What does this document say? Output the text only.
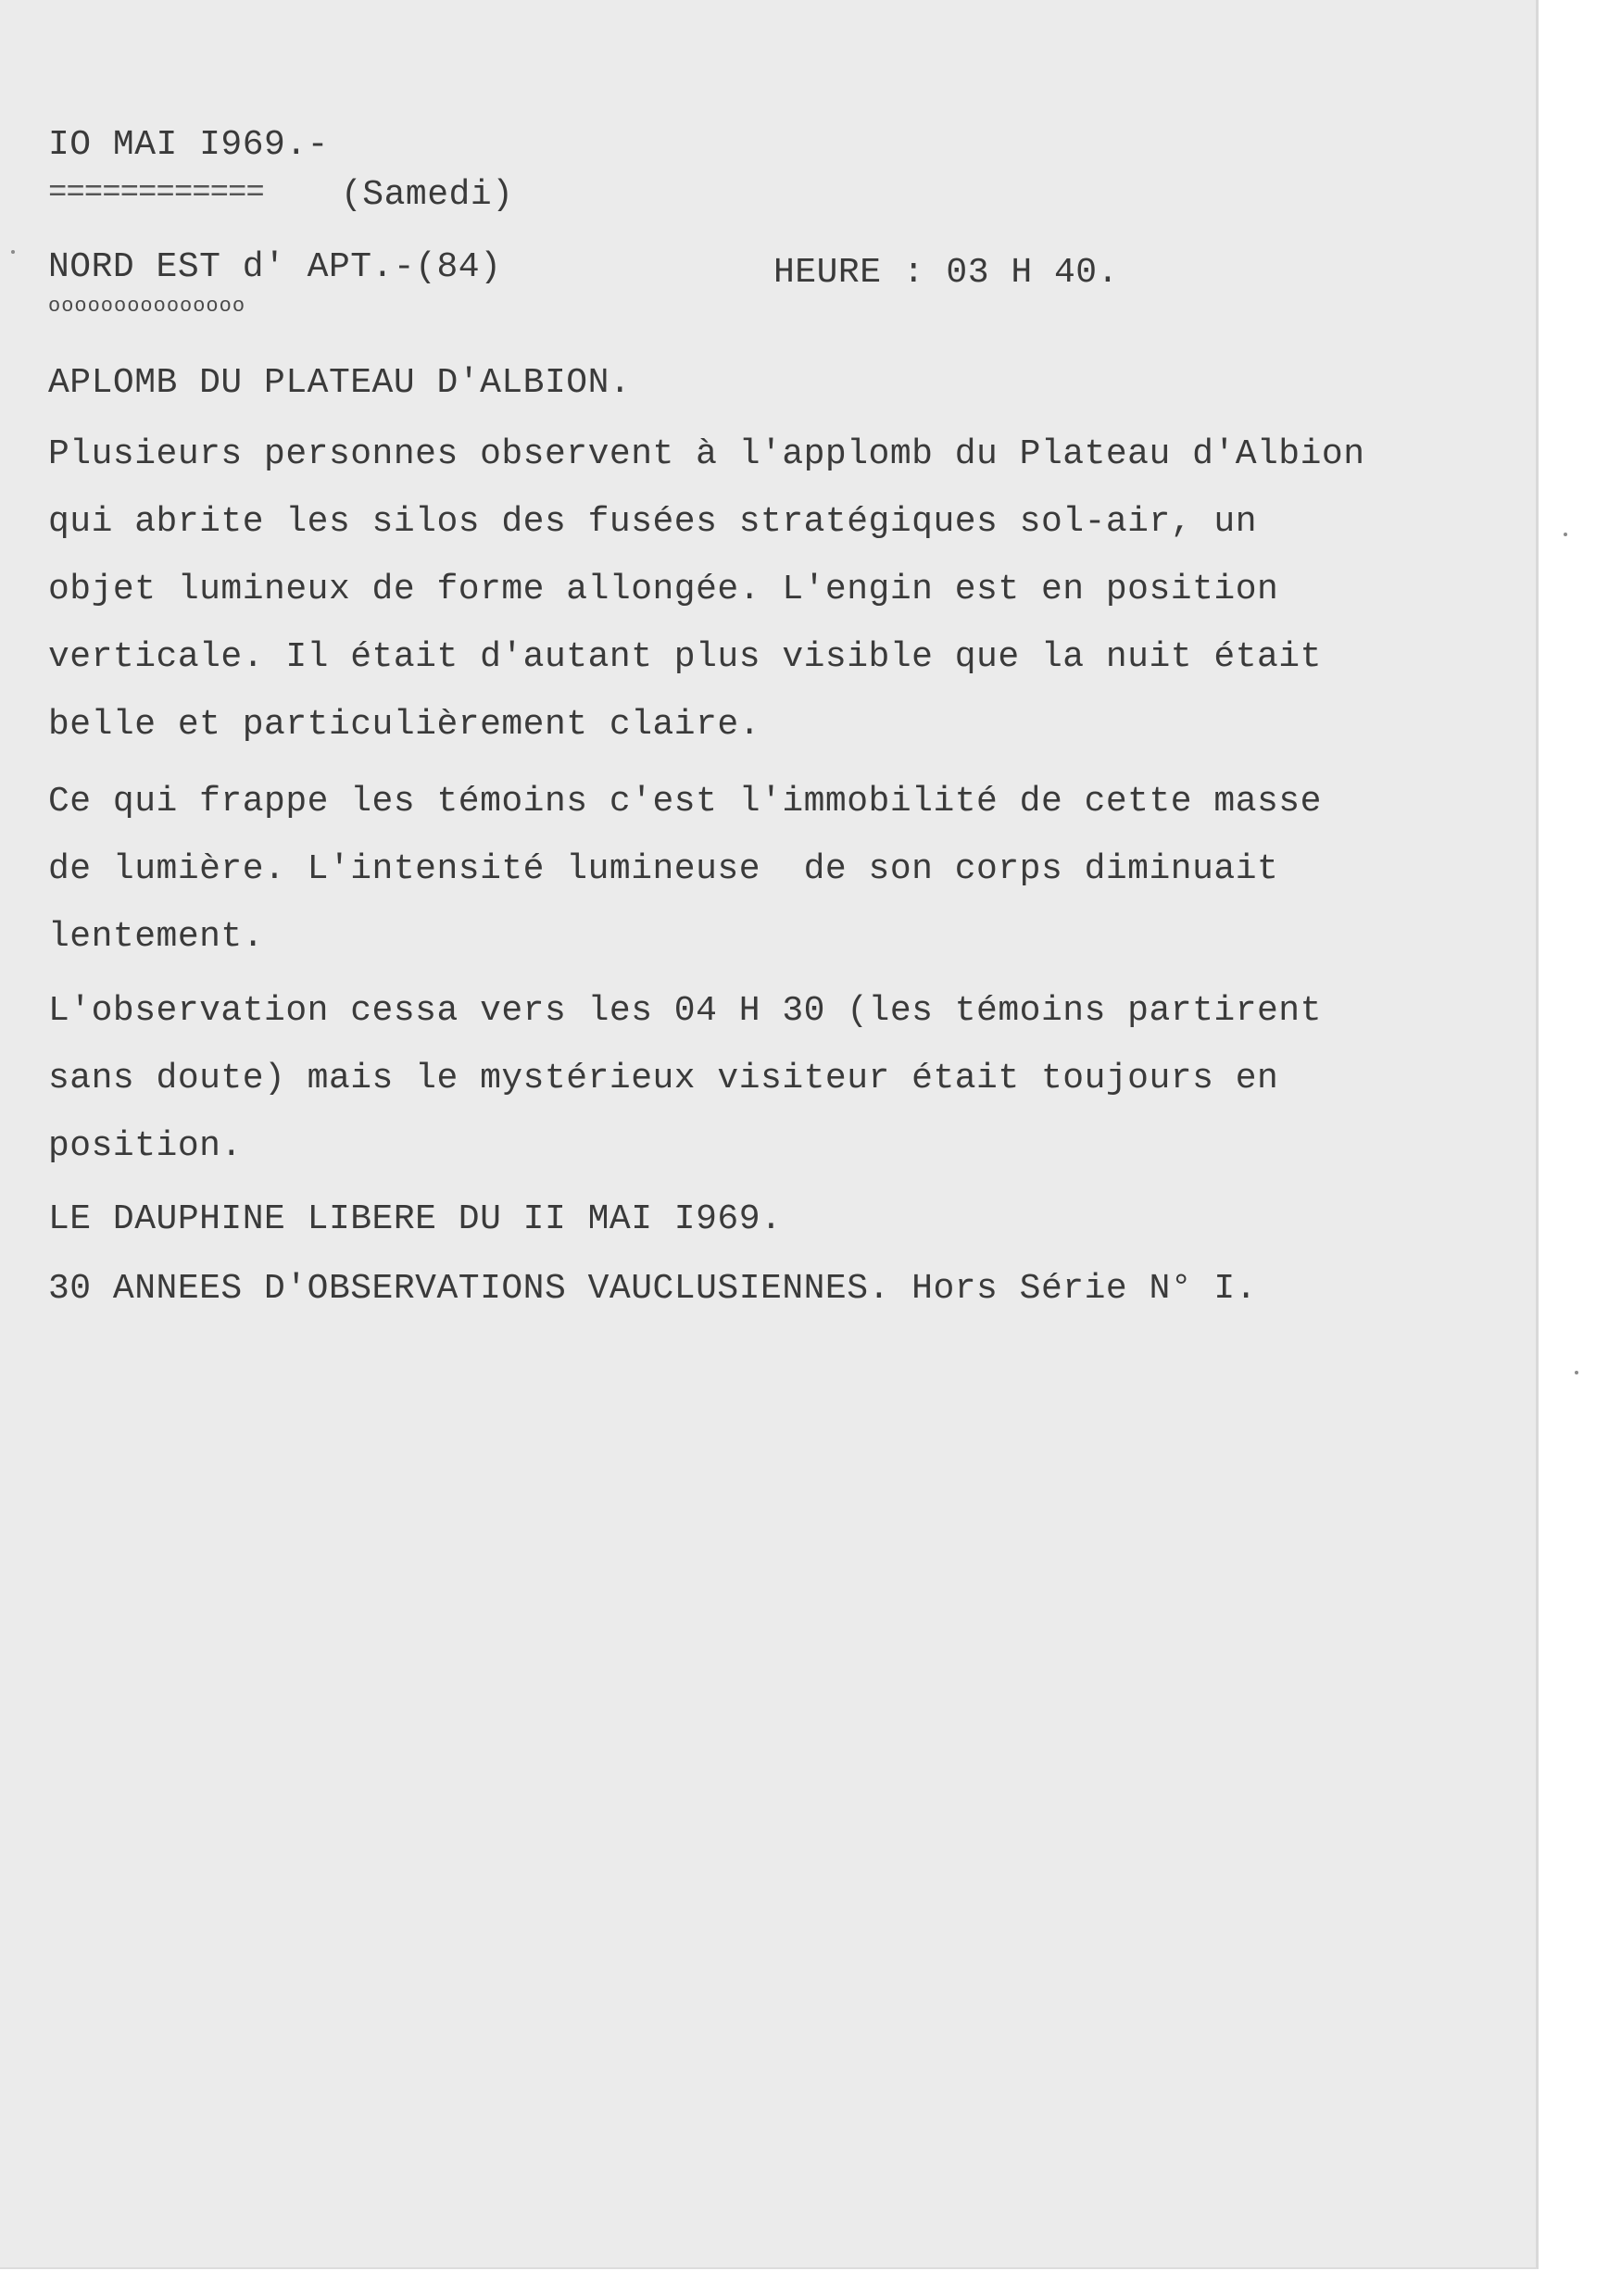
IO MAI I969.-
============ (Samedi)
NORD EST d' APT.-(84)	HEURE : 03 H 40.
ooooooooooooooo
APLOMB DU PLATEAU D'ALBION.
Plusieurs personnes observent à l'applomb du Plateau d'Albion
qui abrite les silos des fusées stratégiques sol-air, un
objet lumineux de forme allongée. L'engin est en position
verticale. Il était d'autant plus visible que la nuit était
belle et particulièrement claire.
Ce qui frappe les témoins c'est l'immobilité de cette masse
de lumière. L'intensité lumineuse  de son corps diminuait
lentement.
L'observation cessa vers les 04 H 30 (les témoins partirent
sans doute) mais le mystérieux visiteur était toujours en
position.
LE DAUPHINE LIBERE DU II MAI I969.
30 ANNEES D'OBSERVATIONS VAUCLUSIENNES. Hors Série N° I.
